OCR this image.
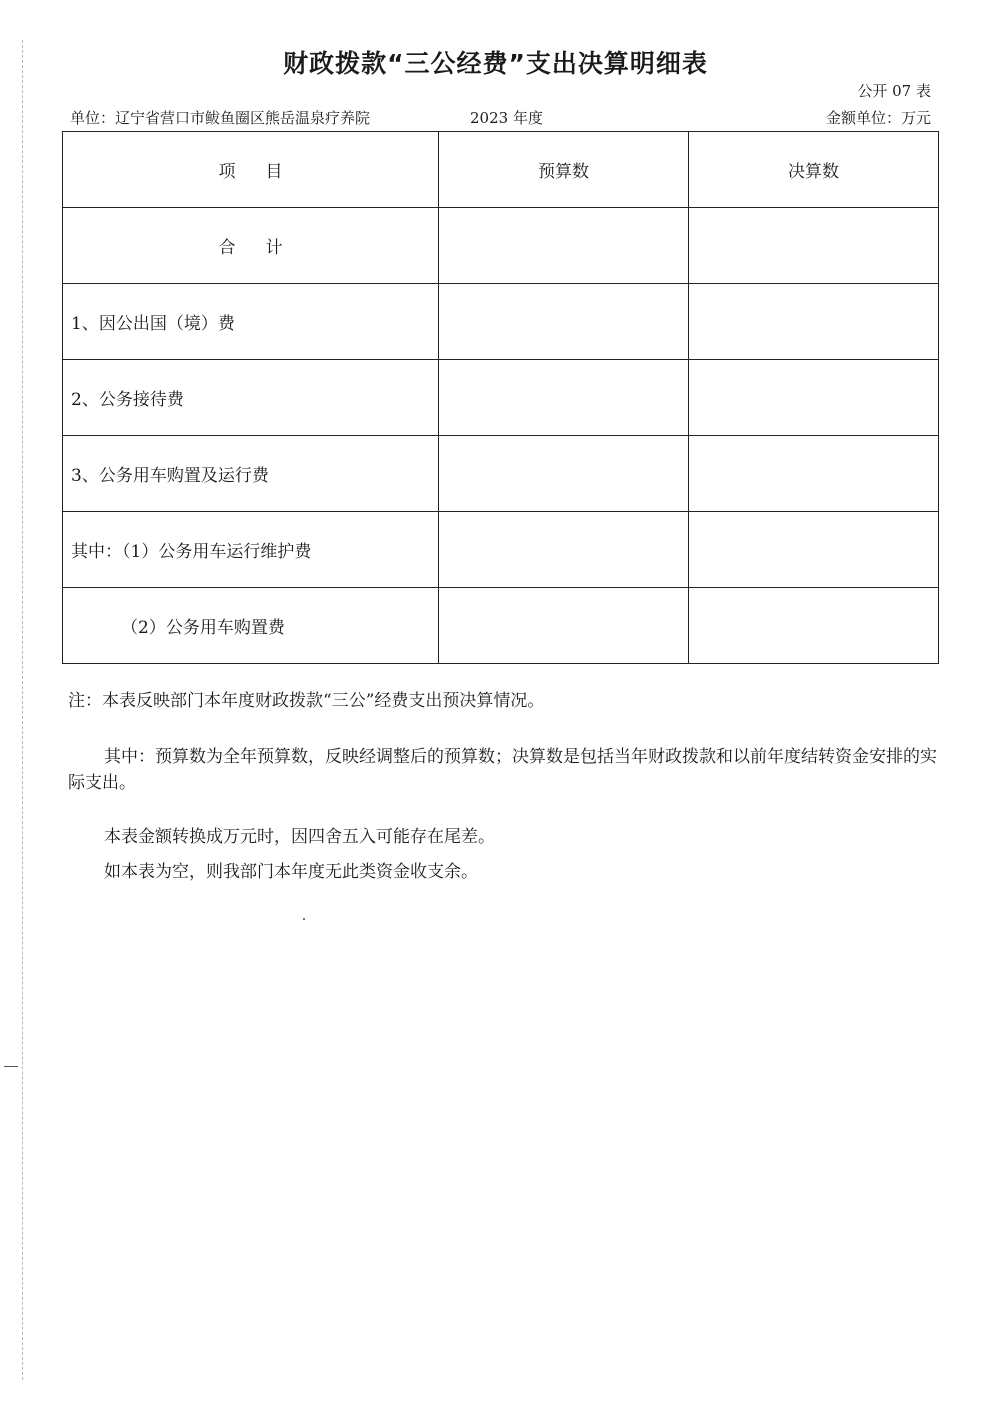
财政拨款“三公经费”支出决算明细表
公开 07 表
单位：辽宁省营口市鲅鱼圈区熊岳温泉疗养院	2023 年度	金额单位：万元
项目	预算数	决算数
合计		
1、因公出国（境）费		
2、公务接待费		
3、公务用车购置及运行费		
其中：（1）公务用车运行维护费		
（2）公务用车购置费		

注：本表反映部门本年度财政拨款“三公”经费支出预决算情况。

其中：预算数为全年预算数，反映经调整后的预算数；决算数是包括当年财政拨款和以前年度结转资金安排的实际支出。

本表金额转换成万元时，因四舍五入可能存在尾差。

如本表为空，则我部门本年度无此类资金收支余。
